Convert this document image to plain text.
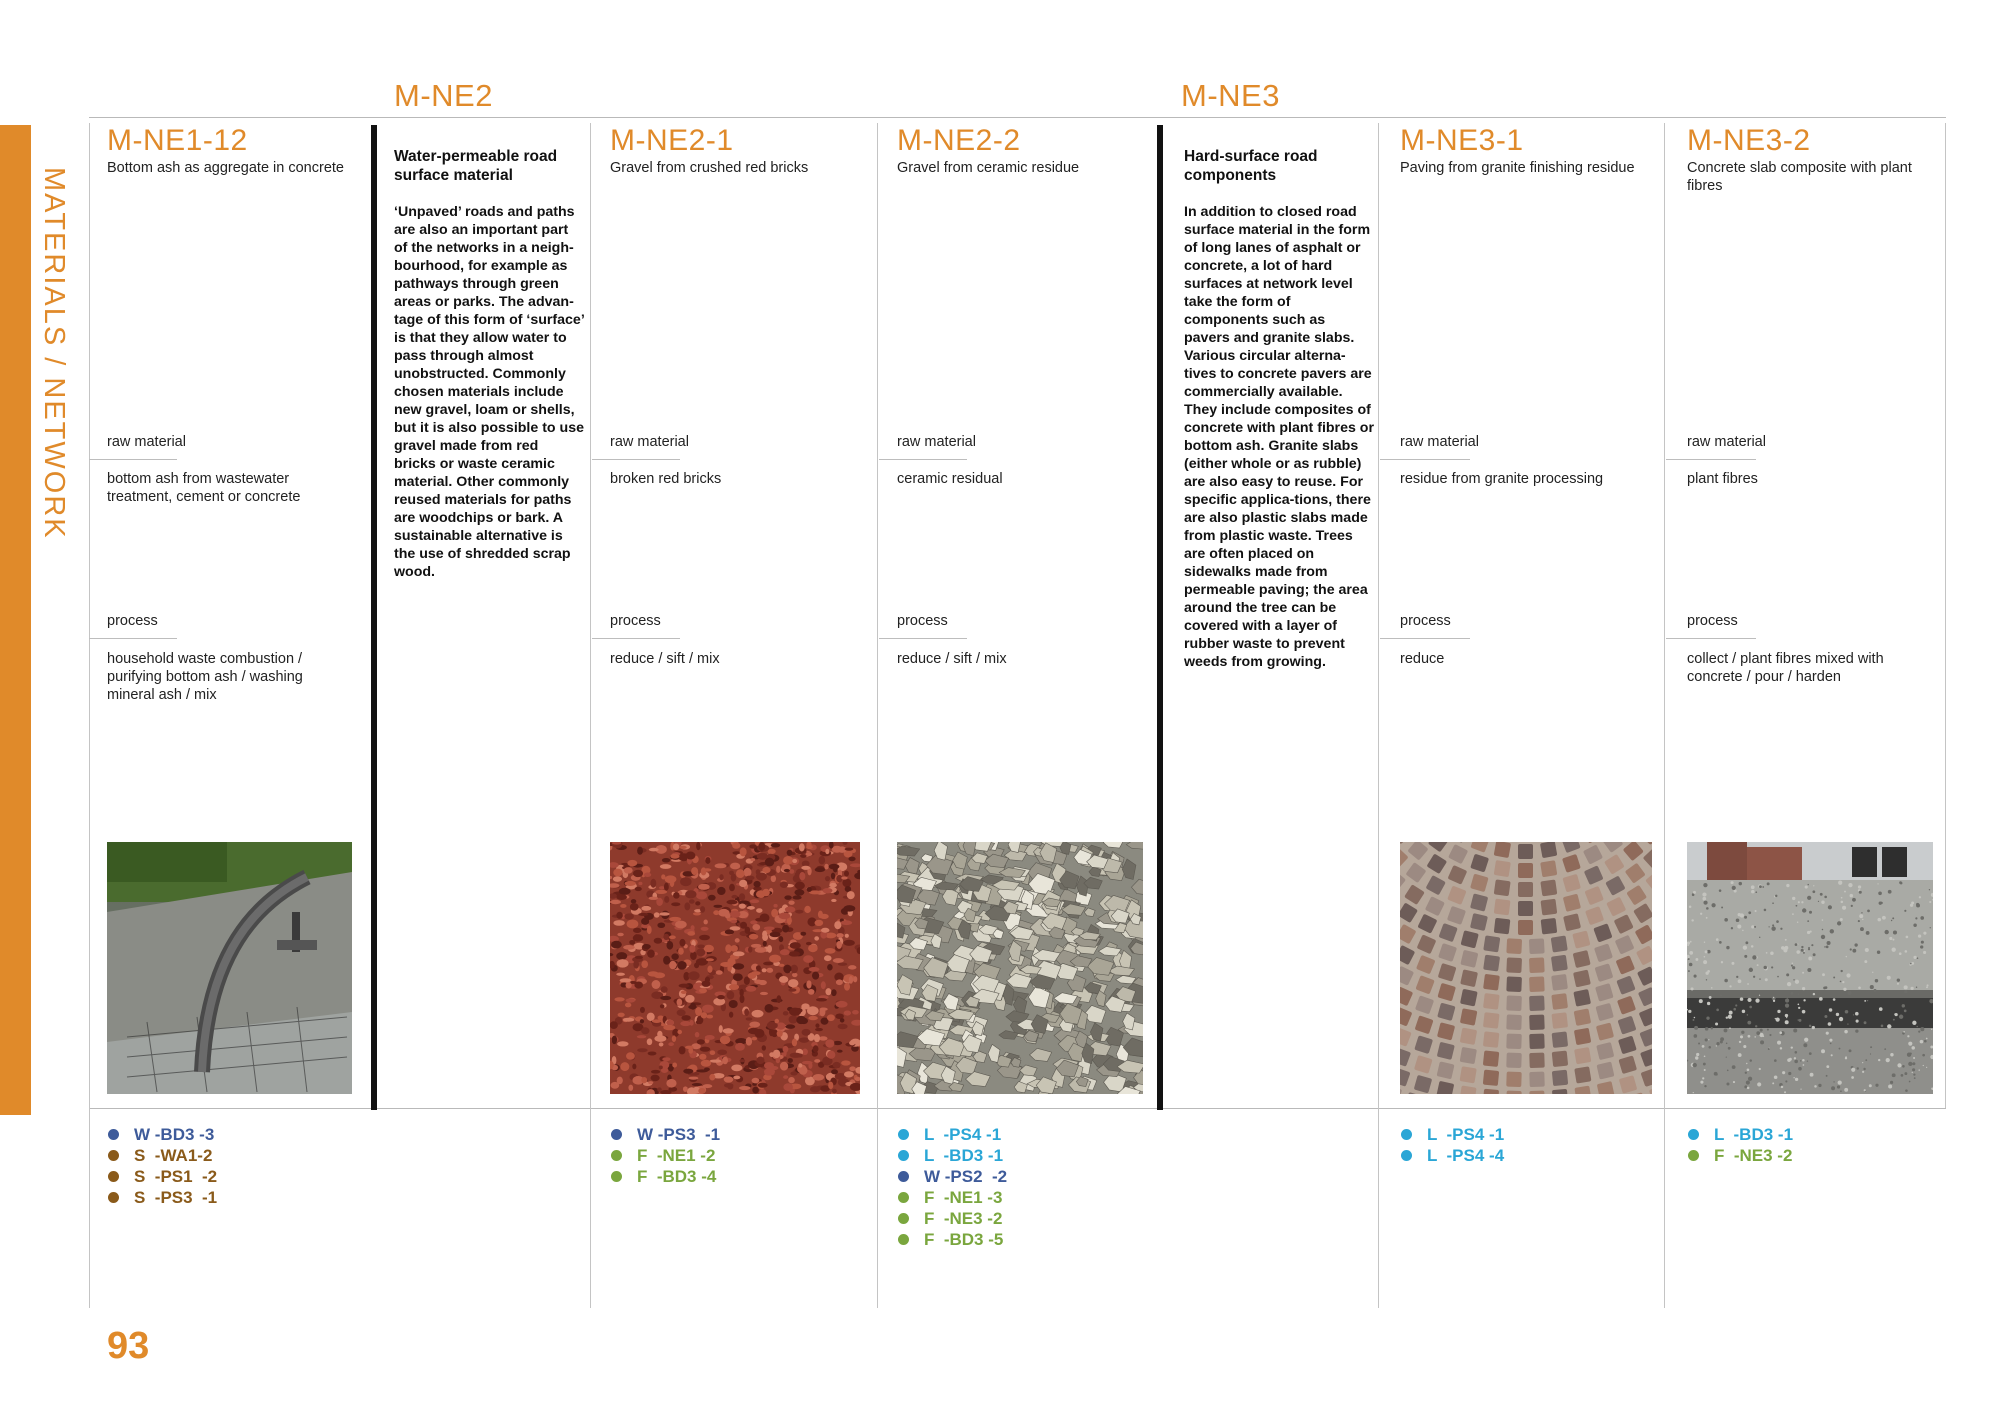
MATERIALS / NETWORK
M-NE2	M-NE3
M-NE1-12
Bottom ash as aggregate in concrete
raw material
bottom ash from wastewater treatment, cement or concrete
process
household waste combustion / purifying bottom ash / washing mineral ash / mix
W -BD3 -3
S  -WA1-2
S  -PS1  -2
S  -PS3  -1
Water-permeable road surface material
‘Unpaved’ roads and paths are also an important part of the networks in a neigh-bourhood, for example as pathways through green areas or parks. The advan-tage of this form of ‘surface’ is that they allow water to pass through almost unobstructed. Commonly chosen materials include new gravel, loam or shells, but it is also possible to use gravel made from red bricks or waste ceramic material. Other commonly reused materials for paths are woodchips or bark. A sustainable alternative is the use of shredded scrap wood.
M-NE2-1
Gravel from crushed red bricks
raw material
broken red bricks
process
reduce / sift / mix
W -PS3  -1
F  -NE1 -2
F  -BD3 -4
M-NE2-2
Gravel from ceramic residue
raw material
ceramic residual
process
reduce / sift / mix
L  -PS4 -1
L  -BD3 -1
W -PS2  -2
F  -NE1 -3
F  -NE3 -2
F  -BD3 -5
Hard-surface road components
In addition to closed road surface material in the form of long lanes of asphalt or concrete, a lot of hard surfaces at network level take the form of components such as pavers and granite slabs. Various circular alterna-tives to concrete pavers are commercially available. They include composites of concrete with plant fibres or bottom ash. Granite slabs (either whole or as rubble) are also easy to reuse. For specific applica-tions, there are also plastic slabs made from plastic waste. Trees are often placed on sidewalks made from permeable paving; the area around the tree can be covered with a layer of rubber waste to prevent weeds from growing.
M-NE3-1
Paving from granite finishing residue
raw material
residue from granite processing
process
reduce
L  -PS4 -1
L  -PS4 -4
M-NE3-2
Concrete slab composite with plant fibres
raw material
plant fibres
process
collect / plant fibres mixed with concrete / pour / harden
L  -BD3 -1
F  -NE3 -2
93
